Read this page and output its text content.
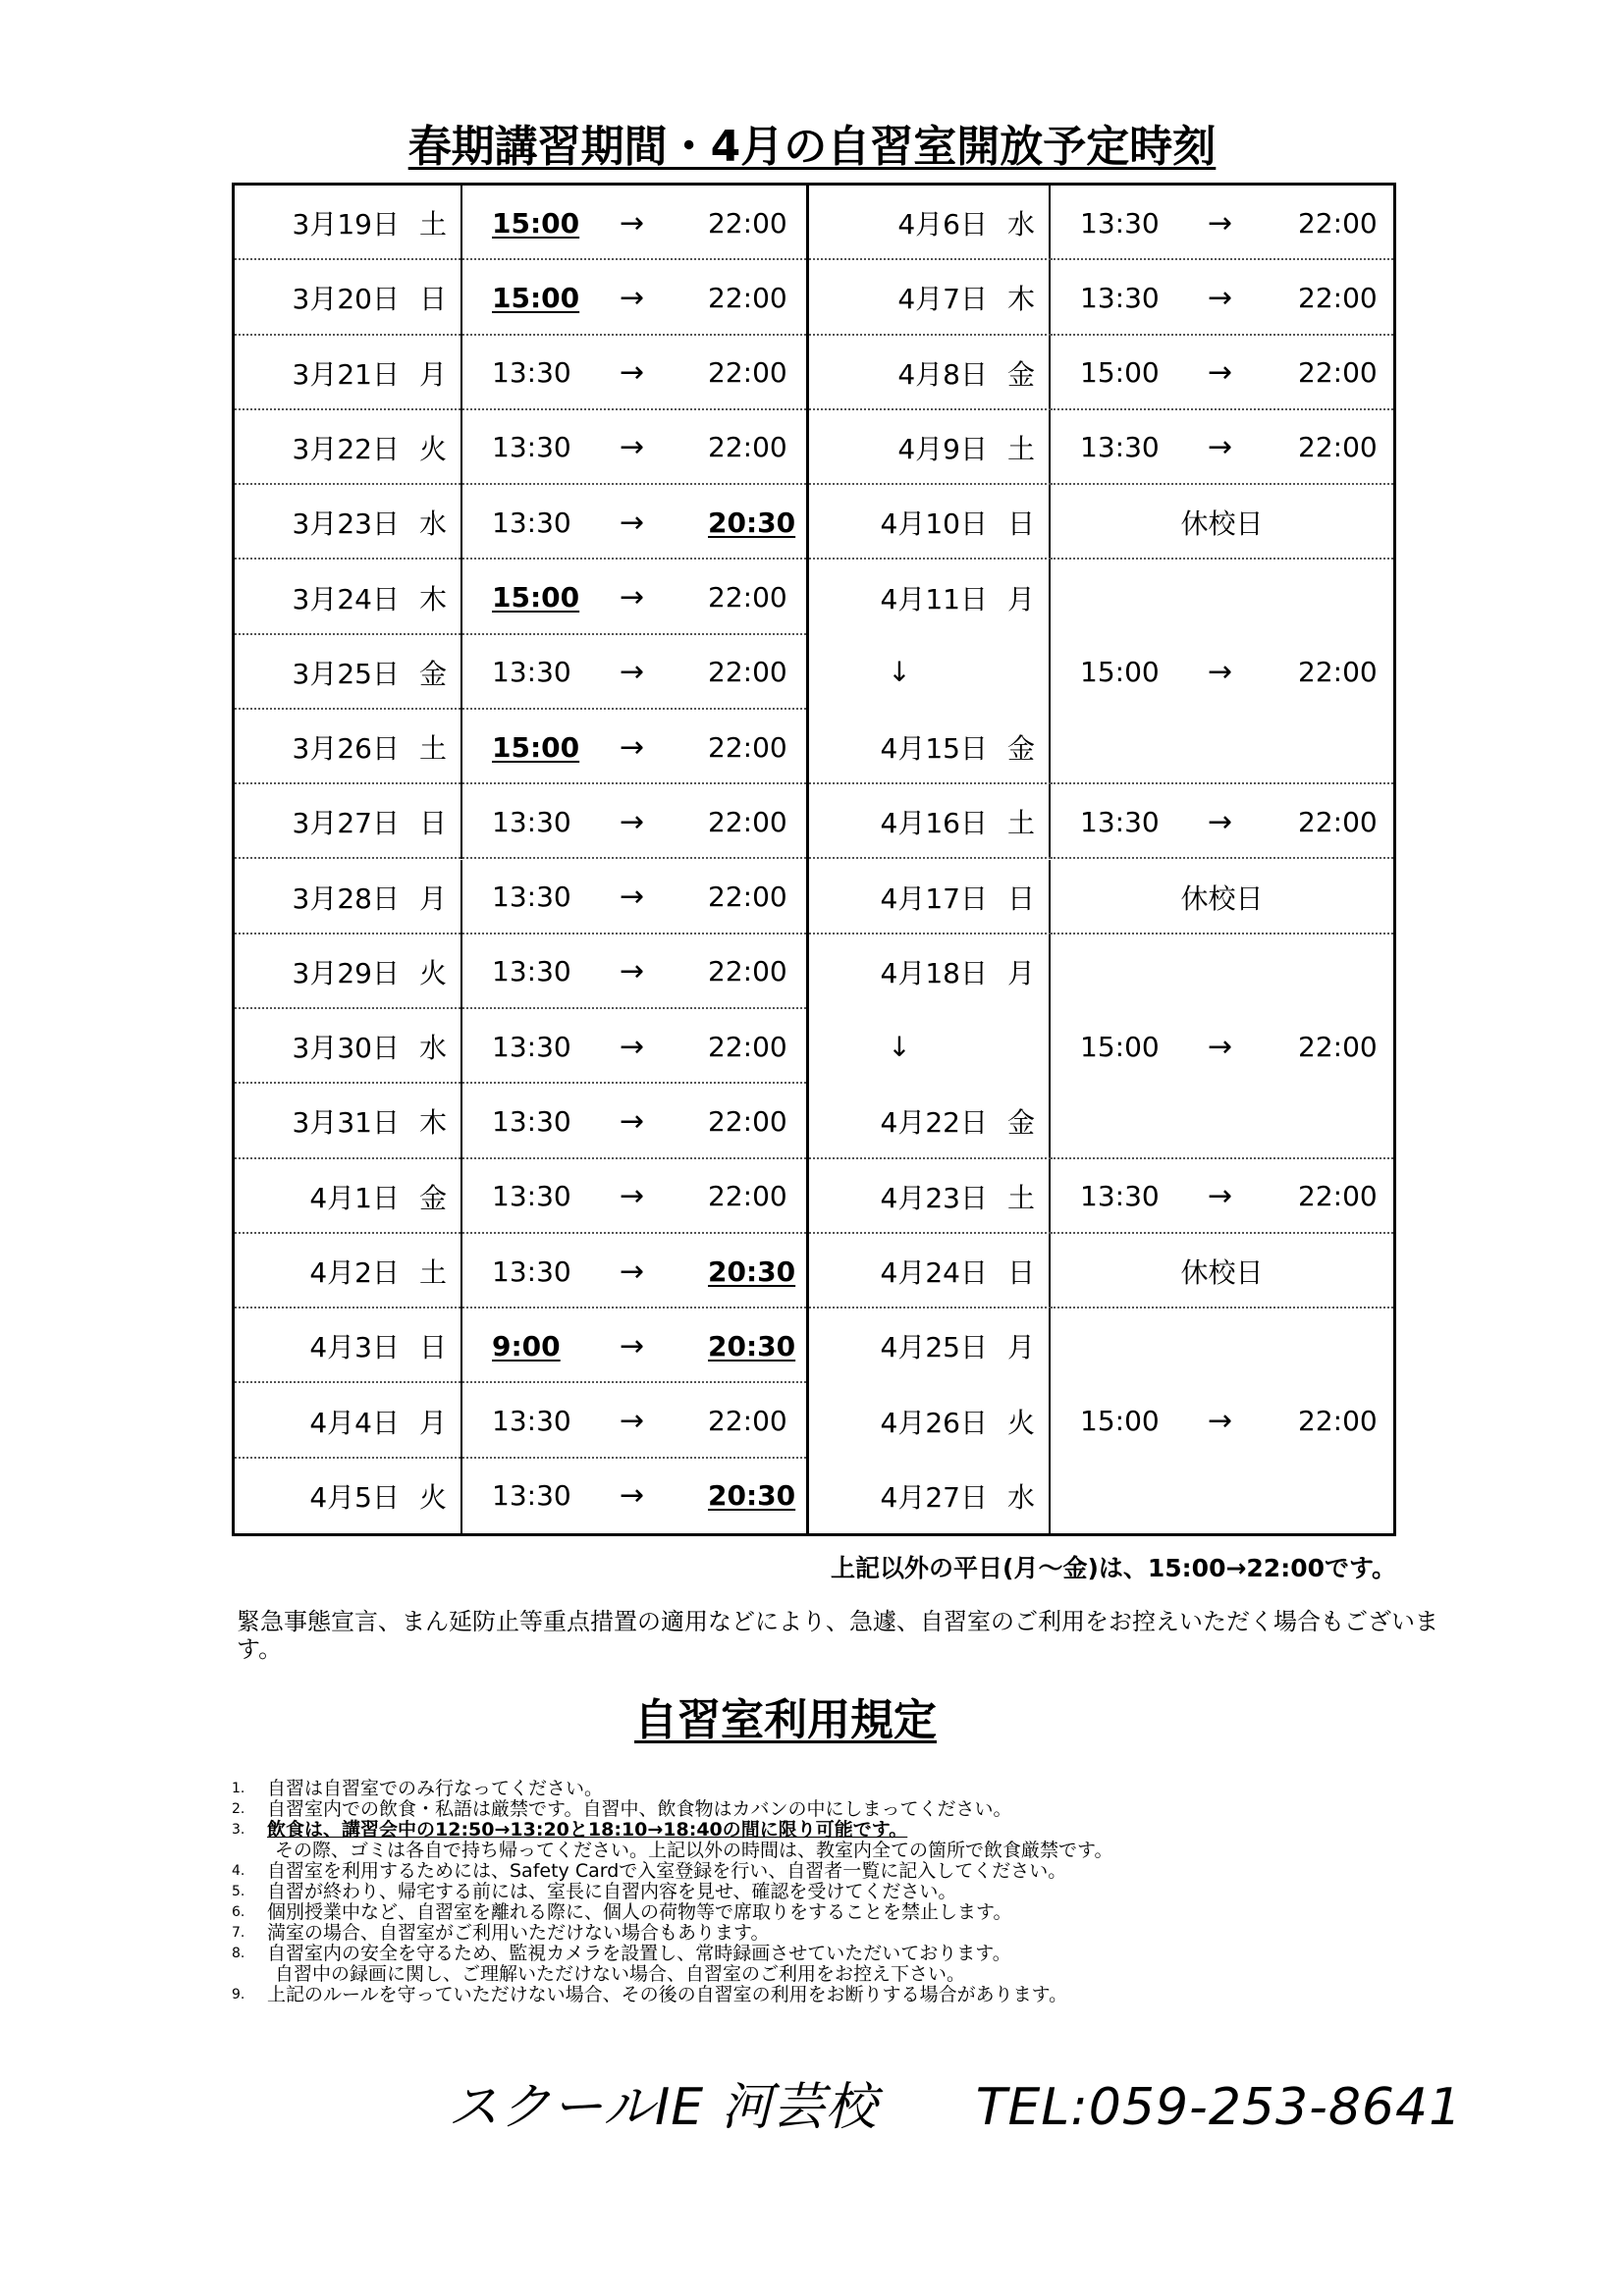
春期講習期間・4月の自習室開放予定時刻
3月19日 土 15:00 → 22:00
3月20日 日 15:00 → 22:00
3月21日 月 13:30 → 22:00
3月22日 火 13:30 → 22:00
3月23日 水 13:30 → 20:30
3月24日 木 15:00 → 22:00
3月25日 金 13:30 → 22:00
3月26日 土 15:00 → 22:00
3月27日 日 13:30 → 22:00
3月28日 月 13:30 → 22:00
3月29日 火 13:30 → 22:00
3月30日 水 13:30 → 22:00
3月31日 木 13:30 → 22:00
4月1日 金 13:30 → 22:00
4月2日 土 13:30 → 20:30
4月3日 日 9:00 → 20:30
4月4日 月 13:30 → 22:00
4月5日 火 13:30 → 20:30
4月6日 水
4月7日 木
4月8日 金
4月9日 土
4月10日 日
4月11日 月
↓
4月15日 金
4月16日 土
4月17日 日
4月18日 月
↓
4月22日 金
4月23日 土
4月24日 日
4月25日 月
4月26日 火
4月27日 水
13:30 → 22:00
13:30 → 22:00
15:00 → 22:00
13:30 → 22:00
休校日
15:00 → 22:00
13:30 → 22:00
休校日
15:00 → 22:00
13:30 → 22:00
休校日
15:00 → 22:00
上記以外の平日(月～金)は、15:00→22:00です。
緊急事態宣言、まん延防止等重点措置の適用などにより、急遽、自習室のご利用をお控えいただく場合もございます。
自習室利用規定
1. 自習は自習室でのみ行なってください。
2. 自習室内での飲食・私語は厳禁です。自習中、飲食物はカバンの中にしまってください。
3. 飲食は、講習会中の12:50→13:20と18:10→18:40の間に限り可能です。
その際、ゴミは各自で持ち帰ってください。上記以外の時間は、教室内全ての箇所で飲食厳禁です。
4. 自習室を利用するためには、Safety Cardで入室登録を行い、自習者一覧に記入してください。
5. 自習が終わり、帰宅する前には、室長に自習内容を見せ、確認を受けてください。
6. 個別授業中など、自習室を離れる際に、個人の荷物等で席取りをすることを禁止します。
7. 満室の場合、自習室がご利用いただけない場合もあります。
8. 自習室内の安全を守るため、監視カメラを設置し、常時録画させていただいております。
自習中の録画に関し、ご理解いただけない場合、自習室のご利用をお控え下さい。
9. 上記のルールを守っていただけない場合、その後の自習室の利用をお断りする場合があります。
スクールIE 河芸校 TEL:059-253-8641
